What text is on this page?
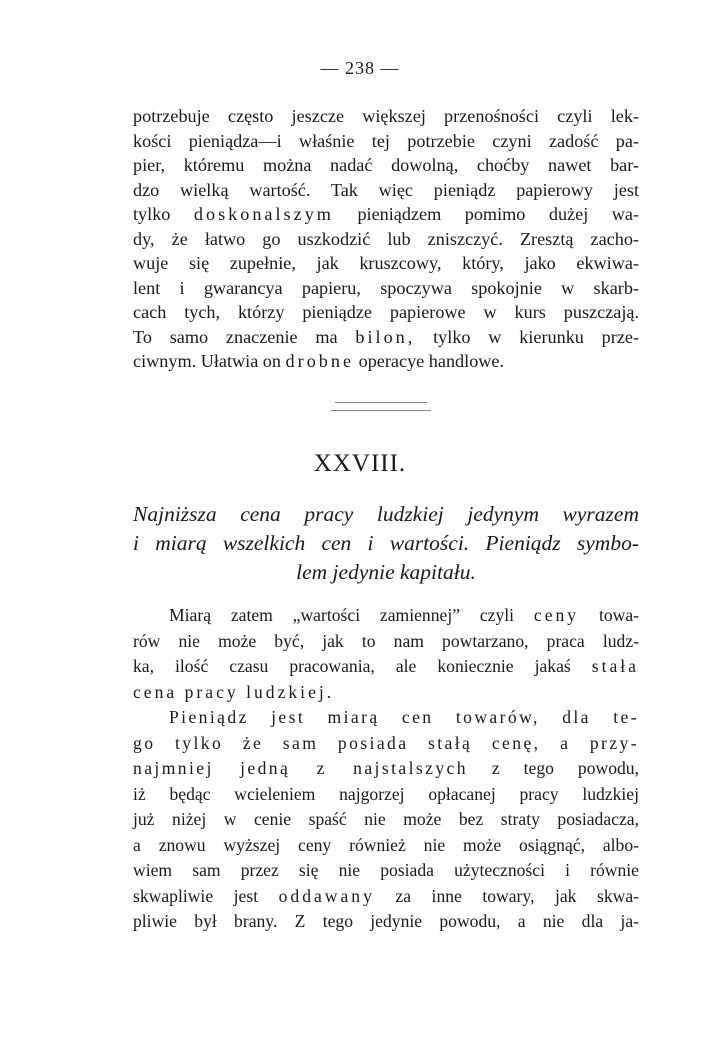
— 238 —
potrzebuje często jeszcze większej przenośności czyli lek-
kości pieniądza—i właśnie tej potrzebie czyni zadość pa-
pier, któremu można nadać dowolną, choćby nawet bar-
dzo wielką wartość. Tak więc pieniądz papierowy jest
tylko doskonalszym pieniądzem pomimo dużej wa-
dy, że łatwo go uszkodzić lub zniszczyć. Zresztą zacho-
wuje się zupełnie, jak kruszcowy, który, jako ekwiwa-
lent i gwarancya papieru, spoczywa spokojnie w skarb-
cach tych, którzy pieniądze papierowe w kurs puszczają.
To samo znaczenie ma bilon, tylko w kierunku prze-
ciwnym. Ułatwia on drobne operacye handlowe.
XXVIII.
Najniższa cena pracy ludzkiej jedynym wyrazem
i miarą wszelkich cen i wartości. Pieniądz symbo-
lem jedynie kapitału.
Miarą zatem „wartości zamiennej” czyli ceny towa-
rów nie może być, jak to nam powtarzano, praca ludz-
ka, ilość czasu pracowania, ale koniecznie jakaś stała
cena pracy ludzkiej.
Pieniądz jest miarą cen towarów, dla te-
go tylko że sam posiada stałą cenę, a przy-
najmniej jedną z najstalszych z tego powodu,
iż będąc wcieleniem najgorzej opłacanej pracy ludzkiej
już niżej w cenie spaść nie może bez straty posiadacza,
a znowu wyższej ceny również nie może osiągnąć, albo-
wiem sam przez się nie posiada użyteczności i równie
skwapliwie jest oddawany za inne towary, jak skwa-
pliwie był brany. Z tego jedynie powodu, a nie dla ja-
